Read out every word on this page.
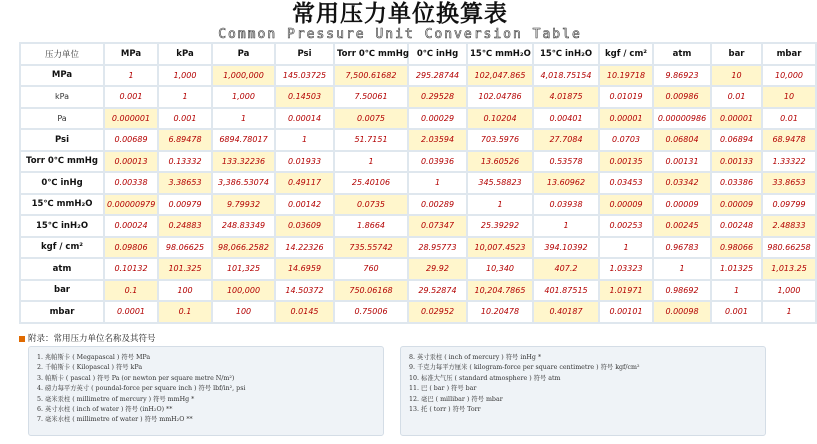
常用压力单位换算表
Common Pressure Unit Conversion Table
压力单位	MPa	kPa	Pa	Psi	Torr 0℃ mmHg	0℃ inHg	15℃ mmH₂O	15℃ inH₂O	kgf / cm²	atm	bar	mbar
MPa	1	1,000	1,000,000	145.03725	7,500.61682	295.28744	102,047.865	4,018.75154	10.19718	9.86923	10	10,000
kPa	0.001	1	1,000	0.14503	7.50061	0.29528	102.04786	4.01875	0.01019	0.00986	0.01	10
Pa	0.000001	0.001	1	0.00014	0.0075	0.00029	0.10204	0.00401	0.00001	0.00000986	0.00001	0.01
Psi	0.00689	6.89478	6894.78017	1	51.7151	2.03594	703.5976	27.7084	0.0703	0.06804	0.06894	68.9478
Torr 0℃ mmHg	0.00013	0.13332	133.32236	0.01933	1	0.03936	13.60526	0.53578	0.00135	0.00131	0.00133	1.33322
0℃ inHg	0.00338	3.38653	3,386.53074	0.49117	25.40106	1	345.58823	13.60962	0.03453	0.03342	0.03386	33.8653
15℃ mmH₂O	0.00000979	0.00979	9.79932	0.00142	0.0735	0.00289	1	0.03938	0.00009	0.00009	0.00009	0.09799
15℃ inH₂O	0.00024	0.24883	248.83349	0.03609	1.8664	0.07347	25.39292	1	0.00253	0.00245	0.00248	2.48833
kgf / cm²	0.09806	98.06625	98,066.2582	14.22326	735.55742	28.95773	10,007.4523	394.10392	1	0.96783	0.98066	980.66258
atm	0.10132	101.325	101,325	14.6959	760	29.92	10,340	407.2	1.03323	1	1.01325	1,013.25
bar	0.1	100	100,000	14.50372	750.06168	29.52874	10,204.7865	401.87515	1.01971	0.98692	1	1,000
mbar	0.0001	0.1	100	0.0145	0.75006	0.02952	10.20478	0.40187	0.00101	0.00098	0.001	1
附录：常用压力单位名称及其符号
1. 兆帕斯卡 ( Megapascal ) 符号 MPa
2. 千帕斯卡 ( Kilopascal ) 符号 kPa
3. 帕斯卡 ( pascal ) 符号 Pa (or newton per square metre N/m²)
4. 磅力每平方英寸 ( poundal-force per square inch ) 符号 lbf/in², psi
5. 毫米汞柱 ( millimetre of mercury ) 符号 mmHg *
6. 英寸水柱 ( inch of water ) 符号 (inH₂O) **
7. 毫米水柱 ( millimetre of water ) 符号 mmH₂O **
8. 英寸汞柱 ( inch of mercury ) 符号 inHg *
9. 千克力每平方厘米 ( kilogram-force per square centimetre ) 符号 kgf/cm²
10. 标准大气压 ( standard atmosphere ) 符号 atm
11. 巴 ( bar ) 符号 bar
12. 毫巴 ( millibar ) 符号 mbar
13. 托 ( torr ) 符号 Torr
